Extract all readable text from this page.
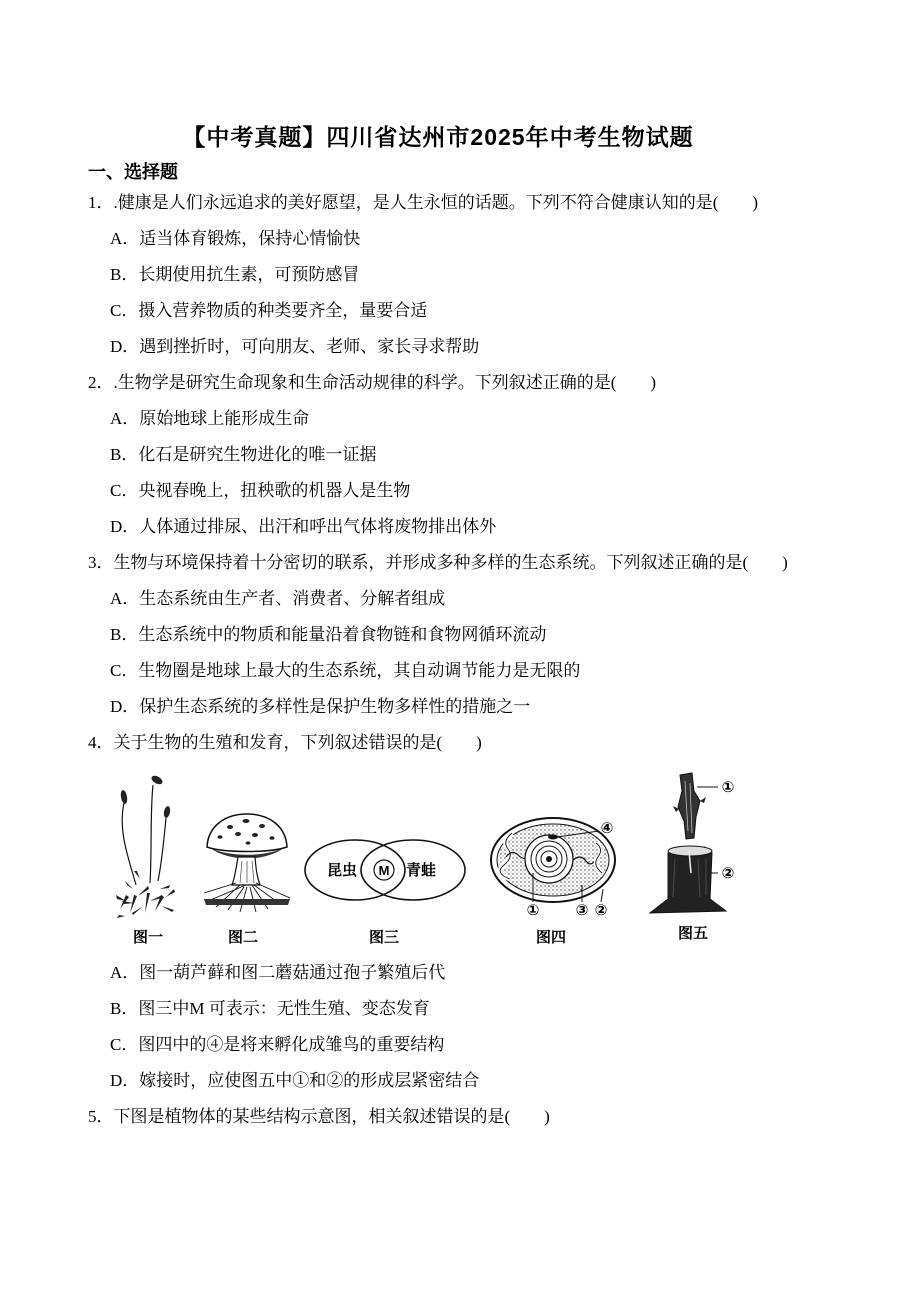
【中考真题】四川省达州市2025年中考生物试题
一、选择题
1．.健康是人们永远追求的美好愿望，是人生永恒的话题。下列不符合健康认知的是(        )
A．适当体育锻炼，保持心情愉快
B．长期使用抗生素，可预防感冒
C．摄入营养物质的种类要齐全，量要合适
D．遇到挫折时，可向朋友、老师、家长寻求帮助
2．.生物学是研究生命现象和生命活动规律的科学。下列叙述正确的是(        )
A．原始地球上能形成生命
B．化石是研究生物进化的唯一证据
C．央视春晚上，扭秧歌的机器人是生物
D．人体通过排尿、出汗和呼出气体将废物排出体外
3．生物与环境保持着十分密切的联系，并形成多种多样的生态系统。下列叙述正确的是(        )
A．生态系统由生产者、消费者、分解者组成
B．生态系统中的物质和能量沿着食物链和食物网循环流动
C．生物圈是地球上最大的生态系统，其自动调节能力是无限的
D．保护生态系统的多样性是保护生物多样性的措施之一
4．关于生物的生殖和发育，下列叙述错误的是(        )
昆虫 M 青蛙
④
① ③ ②
①
②
图一	图二	图三	图四	图五
A．图一葫芦藓和图二蘑菇通过孢子繁殖后代
B．图三中M 可表示：无性生殖、变态发育
C．图四中的④是将来孵化成雏鸟的重要结构
D．嫁接时，应使图五中①和②的形成层紧密结合
5．下图是植物体的某些结构示意图，相关叙述错误的是(        )
